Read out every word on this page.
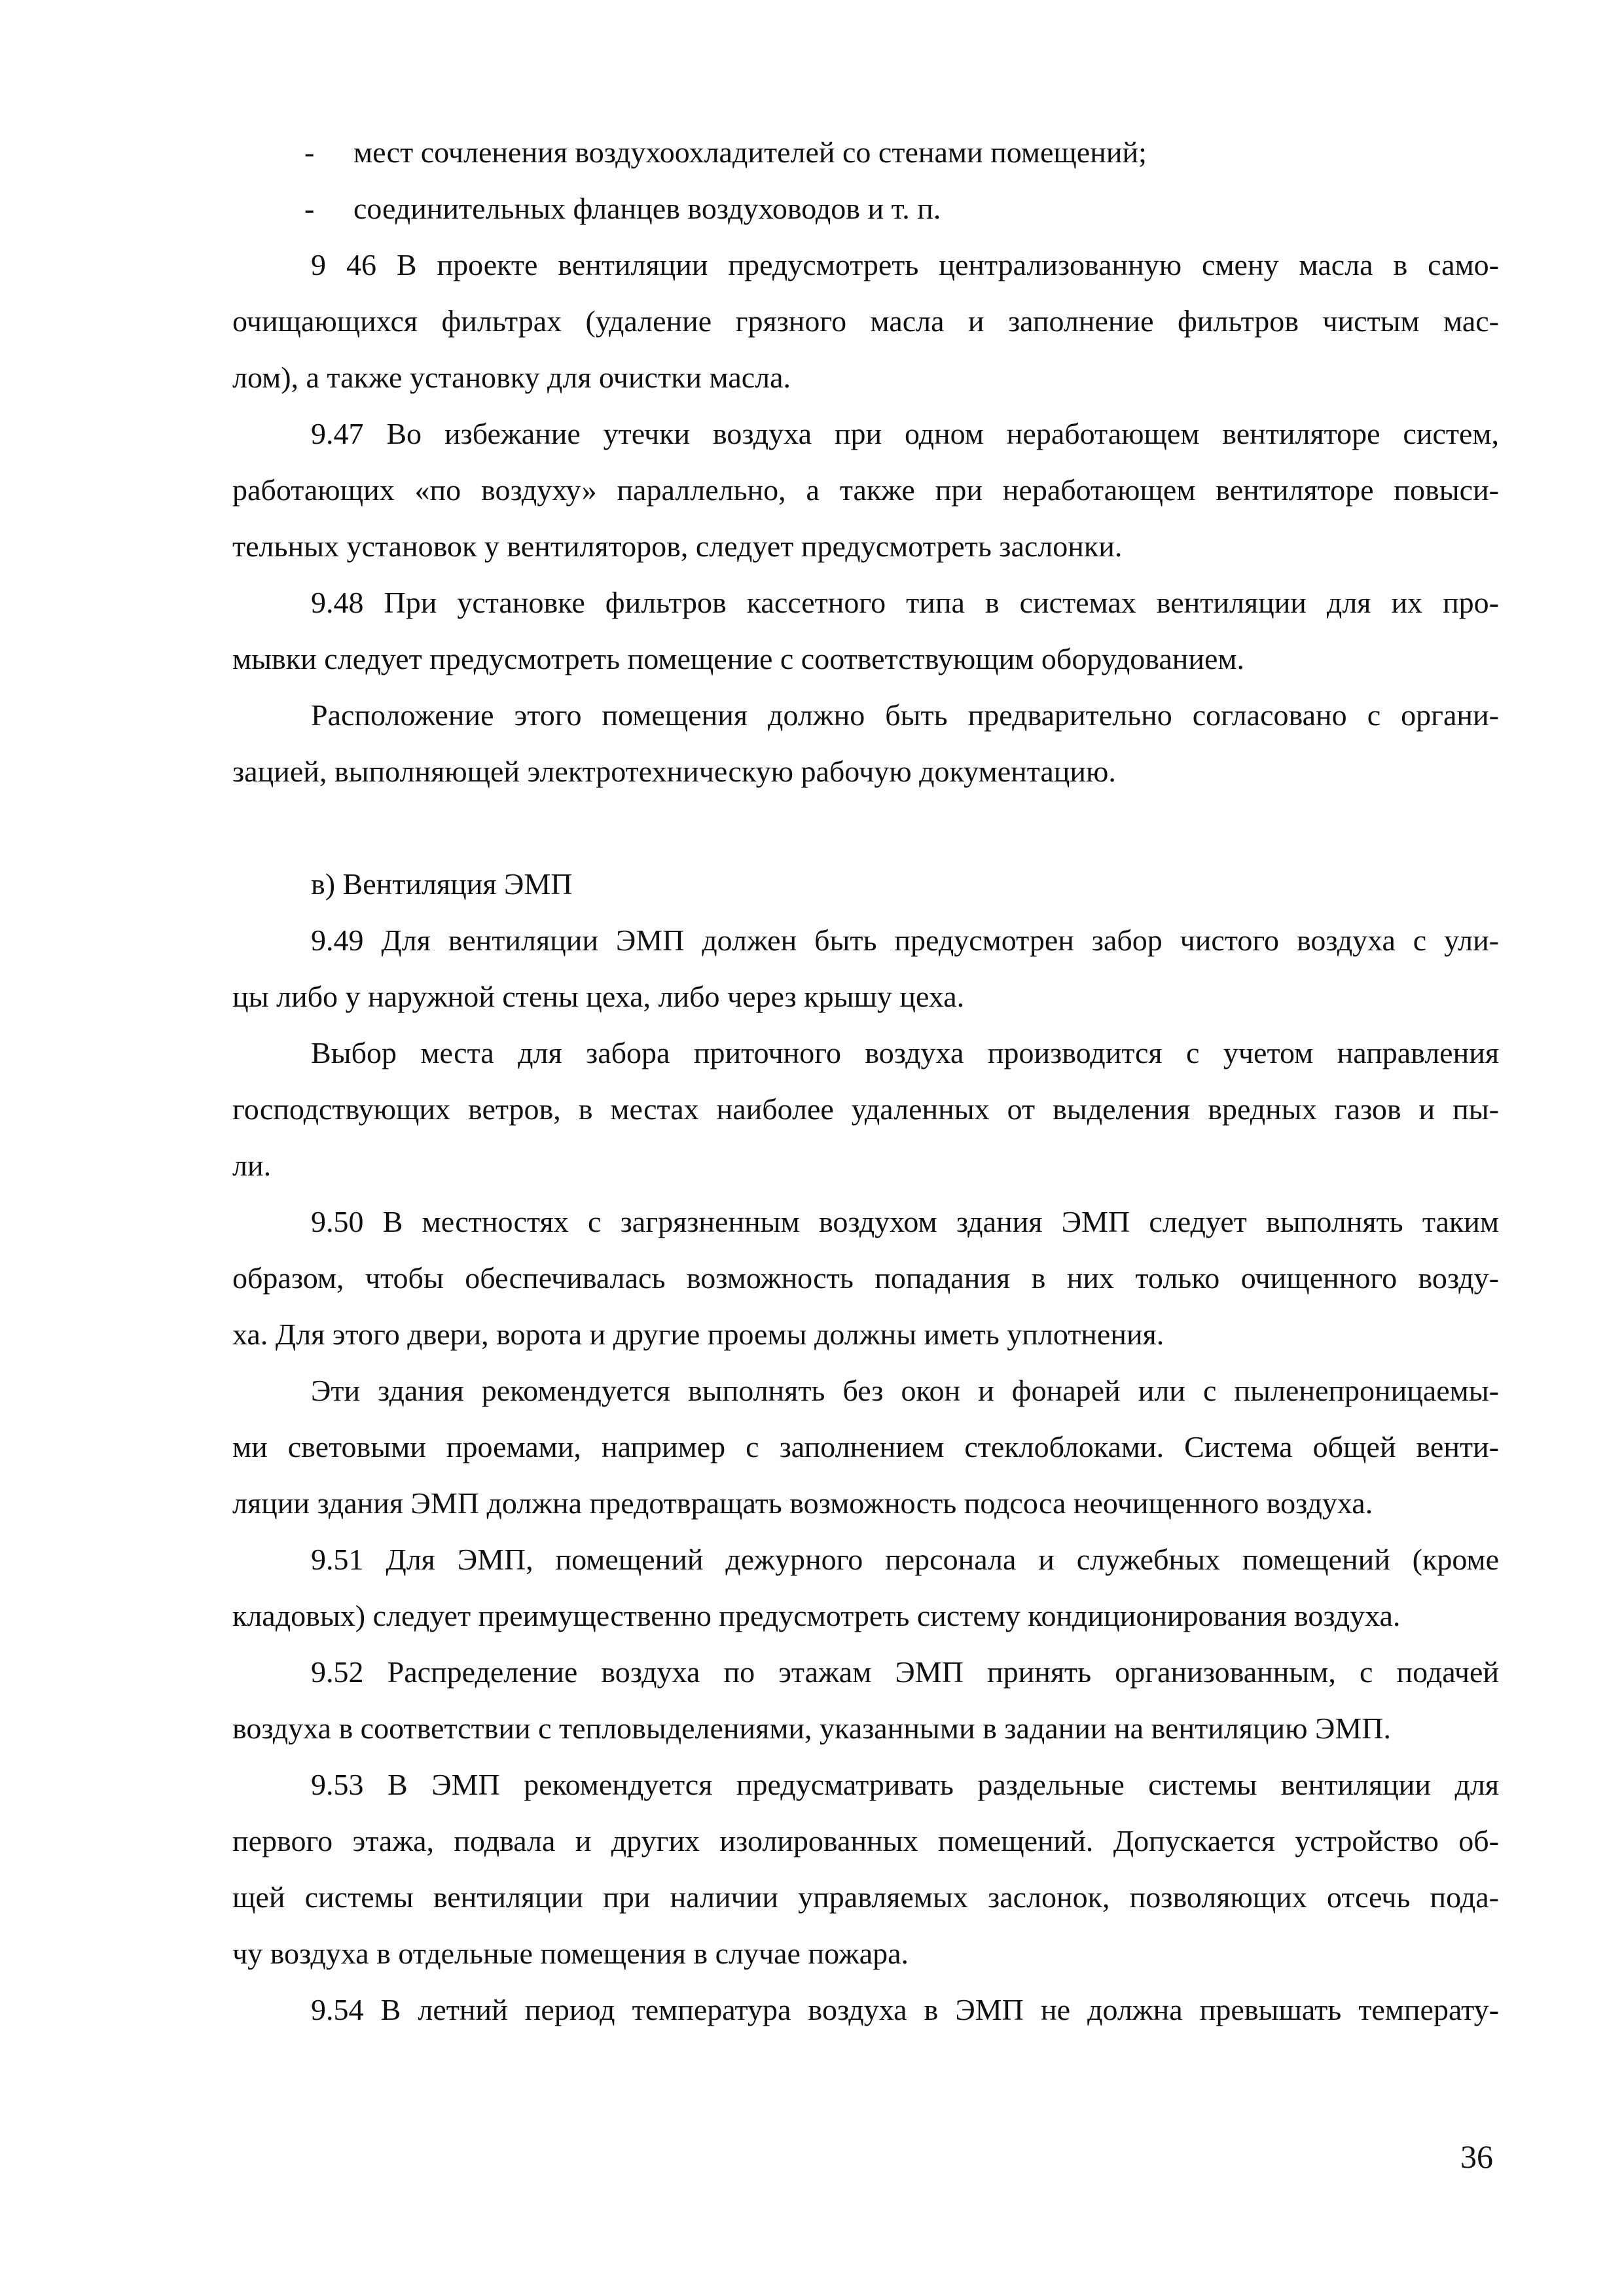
-	мест сочленения воздухоохладителей со стенами помещений;
-	соединительных фланцев воздуховодов и т. п.
9 46 В проекте вентиляции предусмотреть централизованную смену масла в само-
очищающихся фильтрах (удаление грязного масла и заполнение фильтров чистым мас-
лом), а также установку для очистки масла.
9.47 Во избежание утечки воздуха при одном неработающем вентиляторе систем,
работающих «по воздуху» параллельно, а также при неработающем вентиляторе повыси-
тельных установок у вентиляторов, следует предусмотреть заслонки.
9.48 При установке фильтров кассетного типа в системах вентиляции для их про-
мывки следует предусмотреть помещение с соответствующим оборудованием.
Расположение этого помещения должно быть предварительно согласовано с органи-
зацией, выполняющей электротехническую рабочую документацию.
в) Вентиляция ЭМП
9.49 Для вентиляции ЭМП должен быть предусмотрен забор чистого воздуха с ули-
цы либо у наружной стены цеха, либо через крышу цеха.
Выбор места для забора приточного воздуха производится с учетом направления
господствующих ветров, в местах наиболее удаленных от выделения вредных газов и пы-
ли.
9.50 В местностях с загрязненным воздухом здания ЭМП следует выполнять таким
образом, чтобы обеспечивалась возможность попадания в них только очищенного возду-
ха. Для этого двери, ворота и другие проемы должны иметь уплотнения.
Эти здания рекомендуется выполнять без окон и фонарей или с пыленепроницаемы-
ми световыми проемами, например с заполнением стеклоблоками. Система общей венти-
ляции здания ЭМП должна предотвращать возможность подсоса неочищенного воздуха.
9.51 Для ЭМП, помещений дежурного персонала и служебных помещений (кроме
кладовых) следует преимущественно предусмотреть систему кондиционирования воздуха.
9.52 Распределение воздуха по этажам ЭМП принять организованным, с подачей
воздуха в соответствии с тепловыделениями, указанными в задании на вентиляцию ЭМП.
9.53 В ЭМП рекомендуется предусматривать раздельные системы вентиляции для
первого этажа, подвала и других изолированных помещений. Допускается устройство об-
щей системы вентиляции при наличии управляемых заслонок, позволяющих отсечь пода-
чу воздуха в отдельные помещения в случае пожара.
9.54 В летний период температура воздуха в ЭМП не должна превышать температу-
36
